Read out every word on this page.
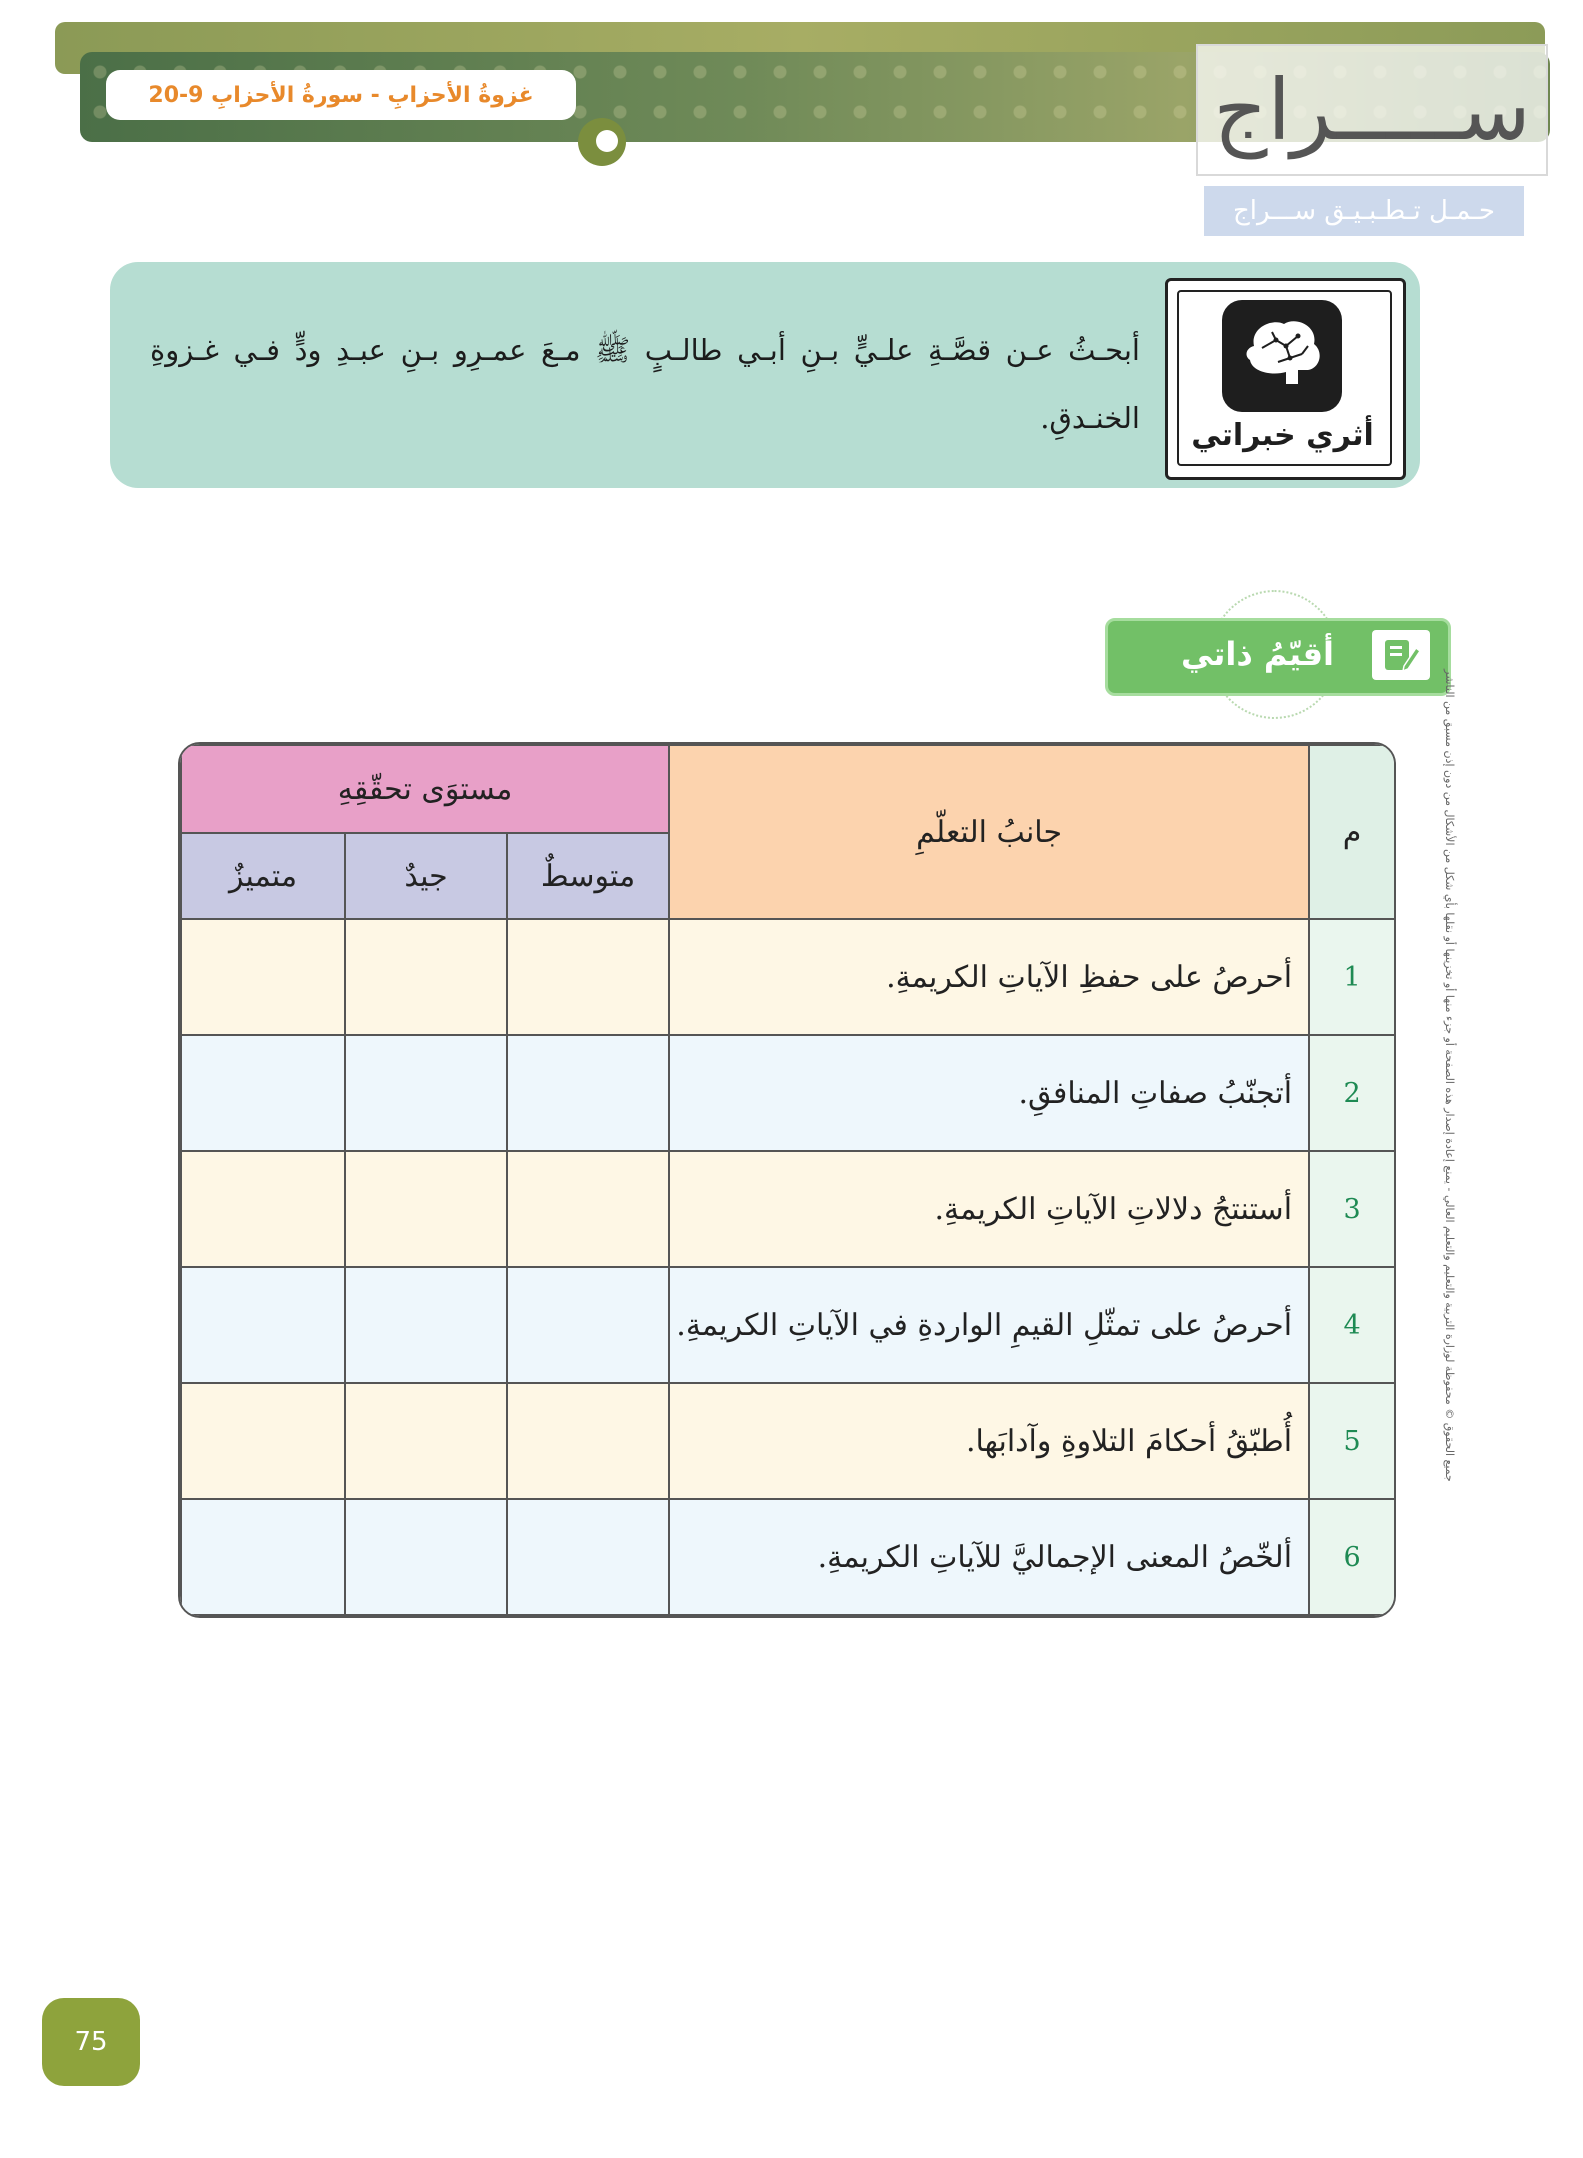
غزوةُ الأحزابِ - سورةُ الأحزابِ 9-20	ســـــراج
حـمـل تـطـبـيـق ســـراج
أبحـثُ عـن قصَّـةِ علـيٍّ بـنِ أبـي طالـبٍ ﷺ مـعَ عمـرِو بـنِ عبـدِ ودٍّ فـي غـزوةِ الخنـدقِ.	أثري خبراتي
أقيّمُ ذاتي
م	جانبُ التعلّمِ	مستوَى تحقّقِهِ		
		متوسطٌ	جيدٌ	متميزٌ
1	أحرصُ على حفظِ الآياتِ الكريمةِ.			
2	أتجنّبُ صفاتِ المنافقِ.			
3	أستنتجُ دلالاتِ الآياتِ الكريمةِ.			
4	أحرصُ على تمثّلِ القيمِ الواردةِ في الآياتِ الكريمةِ.			
5	أُطبّقُ أحكامَ التلاوةِ وآدابَها.			
6	ألخّصُ المعنى الإجماليَّ للآياتِ الكريمةِ.			
جميع الحقوق © محفوظة لوزارة التربية والتعليم والتعليم العالي - يمنع إعادة إصدار هذه الصفحة أو جزء منها أو تخزينها أو نقلها بأي شكل من الأشكال من دون إذن مسبق من الناشر
75
